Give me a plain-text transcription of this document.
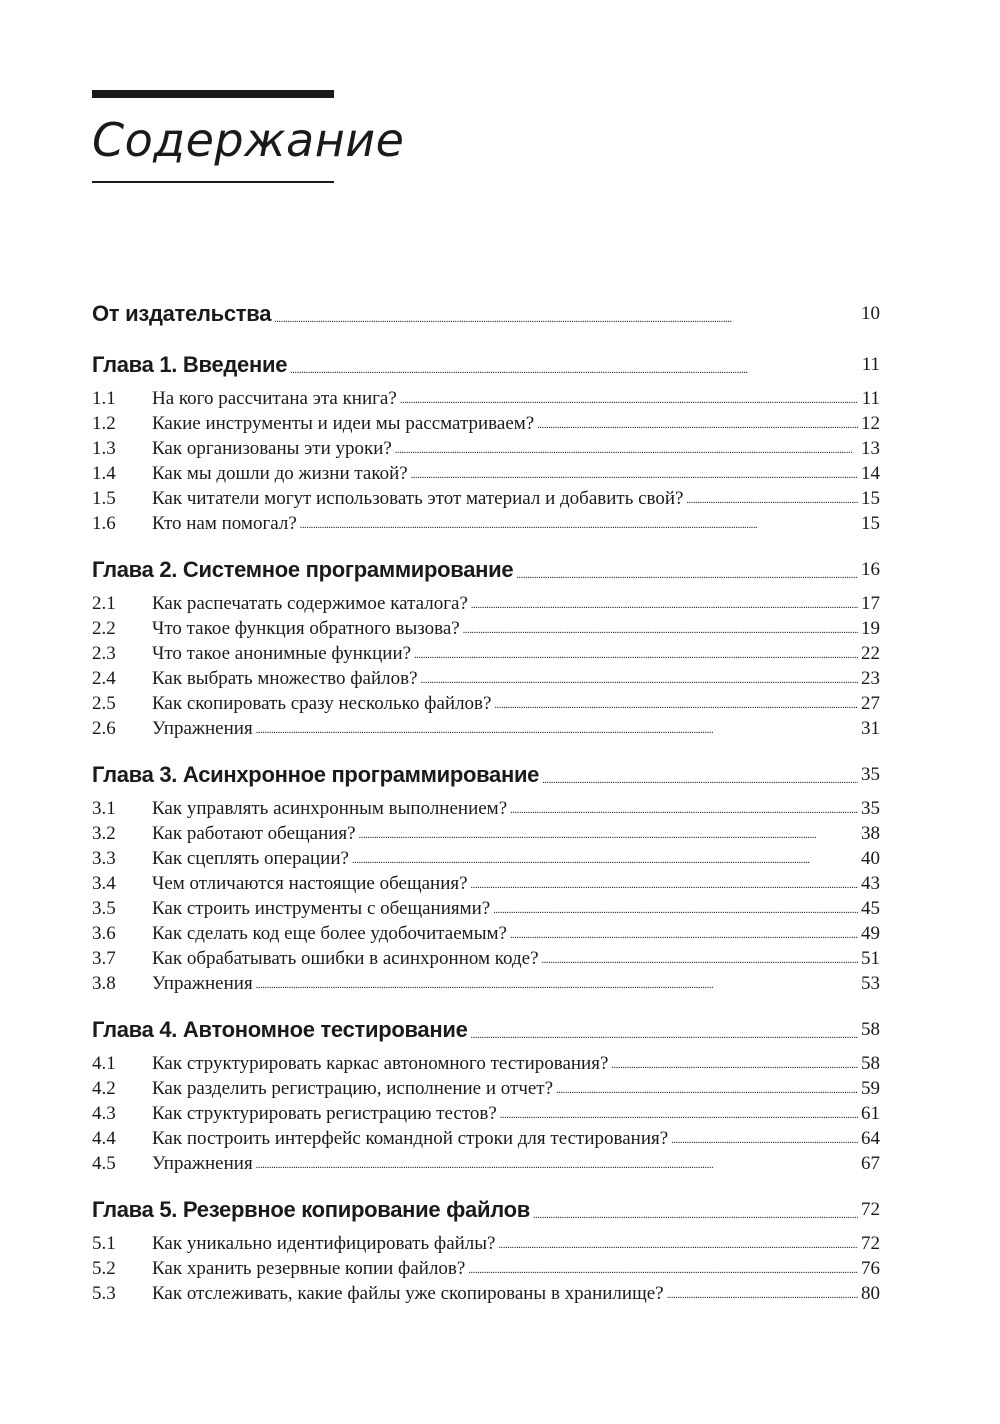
Содержание
От издательства . . .	10
Глава 1. Введение . . .	11
1.1	На кого рассчитана эта книга? . . .	11
1.2	Какие инструменты и идеи мы рассматриваем? . . .	12
1.3	Как организованы эти уроки? . . .	13
1.4	Как мы дошли до жизни такой? . . .	14
1.5	Как читатели могут использовать этот материал и добавить свой? . . .	15
1.6	Кто нам помогал? . . .	15
Глава 2. Системное программирование . . .	16
2.1	Как распечатать содержимое каталога? . . .	17
2.2	Что такое функция обратного вызова? . . .	19
2.3	Что такое анонимные функции? . . .	22
2.4	Как выбрать множество файлов? . . .	23
2.5	Как скопировать сразу несколько файлов? . . .	27
2.6	Упражнения . . .	31
Глава 3. Асинхронное программирование . . .	35
3.1	Как управлять асинхронным выполнением? . . .	35
3.2	Как работают обещания? . . .	38
3.3	Как сцеплять операции? . . .	40
3.4	Чем отличаются настоящие обещания? . . .	43
3.5	Как строить инструменты с обещаниями? . . .	45
3.6	Как сделать код еще более удобочитаемым? . . .	49
3.7	Как обрабатывать ошибки в асинхронном коде? . . .	51
3.8	Упражнения . . .	53
Глава 4. Автономное тестирование . . .	58
4.1	Как структурировать каркас автономного тестирования? . . .	58
4.2	Как разделить регистрацию, исполнение и отчет? . . .	59
4.3	Как структурировать регистрацию тестов? . . .	61
4.4	Как построить интерфейс командной строки для тестирования? . . .	64
4.5	Упражнения . . .	67
Глава 5. Резервное копирование файлов . . .	72
5.1	Как уникально идентифицировать файлы? . . .	72
5.2	Как хранить резервные копии файлов? . . .	76
5.3	Как отслеживать, какие файлы уже скопированы в хранилище? . . .	80
